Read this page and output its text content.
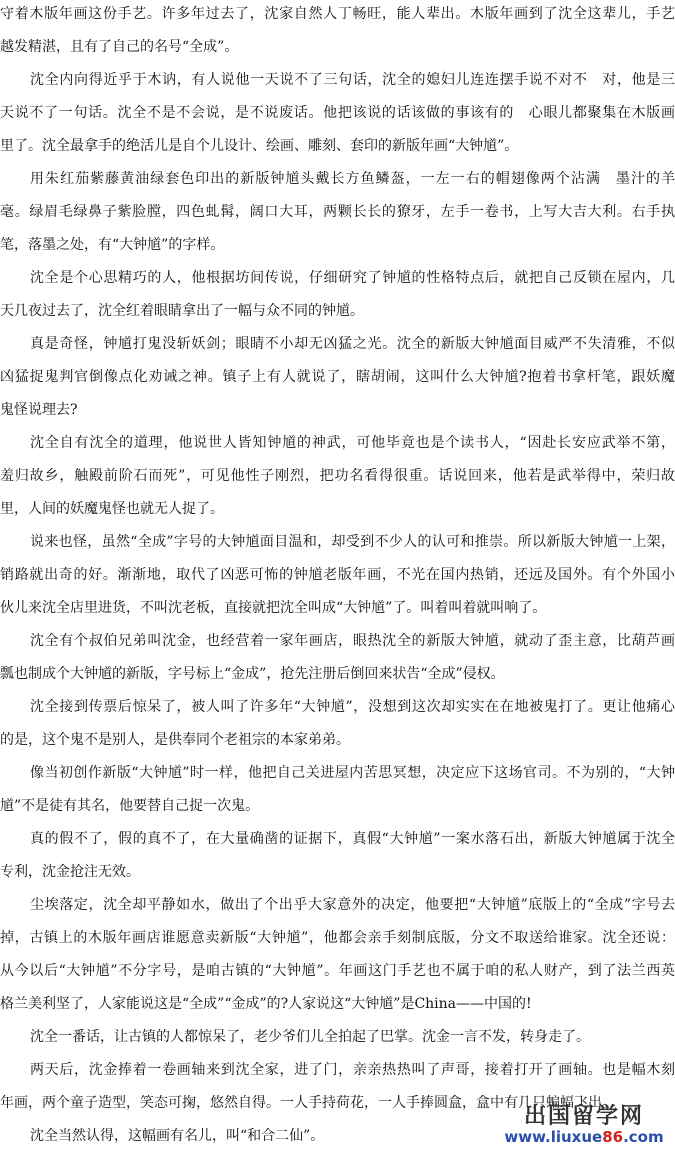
守着木版年画这份手艺。许多年过去了，沈家自然人丁畅旺，能人辈出。木版年画到了沈全这辈儿，手艺
越发精湛，且有了自己的名号“全成”。
沈全内向得近乎于木讷，有人说他一天说不了三句话，沈全的媳妇儿连连摆手说不对不　对，他是三
天说不了一句话。沈全不是不会说，是不说废话。他把该说的话该做的事该有的　心眼儿都聚集在木版画
里了。沈全最拿手的绝活儿是自个儿设计、绘画、雕刻、套印的新版年画“大钟馗”。
用朱红茄紫藤黄油绿套色印出的新版钟馗头戴长方鱼鳞盔，一左一右的帽翅像两个沾满　墨汁的羊
毫。绿眉毛绿鼻子紫脸膛，四色虬髯，阔口大耳，两颗长长的獠牙，左手一卷书，上写大吉大利。右手执
笔，落墨之处，有“大钟馗”的字样。
沈全是个心思精巧的人，他根据坊间传说，仔细研究了钟馗的性格特点后，就把自己反锁在屋内，几
天几夜过去了，沈全红着眼睛拿出了一幅与众不同的钟馗。
真是奇怪，钟馗打鬼没斩妖剑；眼睛不小却无凶猛之光。沈全的新版大钟馗面目威严不失清雅，不似
凶猛捉鬼判官倒像点化劝诫之神。镇子上有人就说了，瞎胡闹，这叫什么大钟馗?抱着书拿杆笔，跟妖魔
鬼怪说理去?
沈全自有沈全的道理，他说世人皆知钟馗的神武，可他毕竟也是个读书人，“因赴长安应武举不第，
羞归故乡，触殿前阶石而死”，可见他性子刚烈，把功名看得很重。话说回来，他若是武举得中，荣归故
里，人间的妖魔鬼怪也就无人捉了。
说来也怪，虽然“全成”字号的大钟馗面目温和，却受到不少人的认可和推崇。所以新版大钟馗一上架，
销路就出奇的好。渐渐地，取代了凶恶可怖的钟馗老版年画，不光在国内热销，还远及国外。有个外国小
伙儿来沈全店里进货，不叫沈老板，直接就把沈全叫成“大钟馗”了。叫着叫着就叫响了。
沈全有个叔伯兄弟叫沈金，也经营着一家年画店，眼热沈全的新版大钟馗，就动了歪主意，比葫芦画
瓢也制成个大钟馗的新版，字号标上“金成”，抢先注册后倒回来状告“全成”侵权。
沈全接到传票后惊呆了，被人叫了许多年“大钟馗”，没想到这次却实实在在地被鬼打了。更让他痛心
的是，这个鬼不是别人，是供奉同个老祖宗的本家弟弟。
像当初创作新版“大钟馗”时一样，他把自己关进屋内苦思冥想，决定应下这场官司。不为别的，“大钟
馗”不是徒有其名，他要替自己捉一次鬼。
真的假不了，假的真不了，在大量确凿的证据下，真假“大钟馗”一案水落石出，新版大钟馗属于沈全
专利，沈金抢注无效。
尘埃落定，沈全却平静如水，做出了个出乎大家意外的决定，他要把“大钟馗”底版上的“全成”字号去
掉，古镇上的木版年画店谁愿意卖新版“大钟馗”，他都会亲手刻制底版，分文不取送给谁家。沈全还说：
从今以后“大钟馗”不分字号，是咱古镇的“大钟馗”。年画这门手艺也不属于咱的私人财产，到了法兰西英
格兰美利坚了，人家能说这是“全成”“金成”的?人家说这“大钟馗”是China——中国的!
沈全一番话，让古镇的人都惊呆了，老少爷们儿全拍起了巴掌。沈金一言不发，转身走了。
两天后，沈金捧着一卷画轴来到沈全家，进了门，亲亲热热叫了声哥，接着打开了画轴。也是幅木刻
年画，两个童子造型，笑态可掬，悠然自得。一人手持荷花，一人手捧圆盒，盒中有几只蝙蝠飞出。
沈全当然认得，这幅画有名儿，叫“和合二仙”。
出国留学网
www.liuxue86.com
